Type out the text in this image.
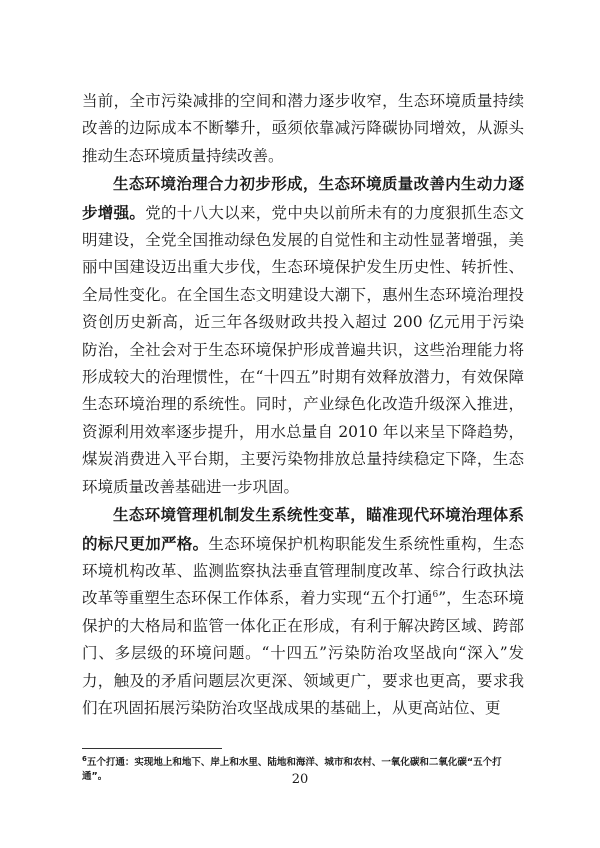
当前，全市污染减排的空间和潜力逐步收窄，生态环境质量持续改善的边际成本不断攀升，亟须依靠减污降碳协同增效，从源头推动生态环境质量持续改善。

生态环境治理合力初步形成，生态环境质量改善内生动力逐步增强。党的十八大以来，党中央以前所未有的力度狠抓生态文明建设，全党全国推动绿色发展的自觉性和主动性显著增强，美丽中国建设迈出重大步伐，生态环境保护发生历史性、转折性、全局性变化。在全国生态文明建设大潮下，惠州生态环境治理投资创历史新高，近三年各级财政共投入超过 200 亿元用于污染防治，全社会对于生态环境保护形成普遍共识，这些治理能力将形成较大的治理惯性，在“十四五”时期有效释放潜力，有效保障生态环境治理的系统性。同时，产业绿色化改造升级深入推进，资源利用效率逐步提升，用水总量自 2010 年以来呈下降趋势，煤炭消费进入平台期，主要污染物排放总量持续稳定下降，生态环境质量改善基础进一步巩固。

生态环境管理机制发生系统性变革，瞄准现代环境治理体系的标尺更加严格。生态环境保护机构职能发生系统性重构，生态环境机构改革、监测监察执法垂直管理制度改革、综合行政执法改革等重塑生态环保工作体系，着力实现“五个打通$^6$”，生态环境保护的大格局和监管一体化正在形成，有利于解决跨区域、跨部门、多层级的环境问题。“十四五”污染防治攻坚战向“深入”发力，触及的矛盾问题层次更深、领域更广，要求也更高，要求我们在巩固拓展污染防治攻坚战成果的基础上，从更高站位、更

$^6$五个打通：实现地上和地下、岸上和水里、陆地和海洋、城市和农村、一氧化碳和二氧化碳“五个打通”。	20
